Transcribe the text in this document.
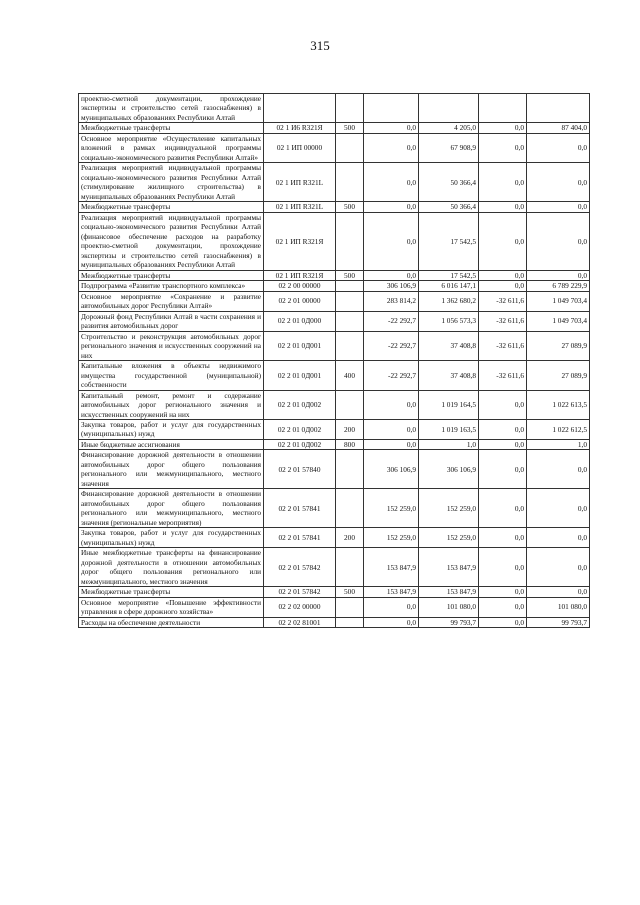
315
проектно-сметной документации, прохождение экспертизы и строительство сетей газоснабжения) в муниципальных образованиях Республики Алтай						
Межбюджетные трансферты	02 1 И6 R321Я	500	0,0	4 205,0	0,0	87 404,0
Основное мероприятие «Осуществление капитальных вложений в рамках индивидуальной программы социально-экономического развития Республики Алтай»	02 1 ИП 00000		0,0	67 908,9	0,0	0,0
Реализация мероприятий индивидуальной программы социально-экономического развития Республики Алтай (стимулирование жилищного строительства) в муниципальных образованиях Республики Алтай	02 1 ИП R321L		0,0	50 366,4	0,0	0,0
Межбюджетные трансферты	02 1 ИП R321L	500	0,0	50 366,4	0,0	0,0
Реализация мероприятий индивидуальной программы социально-экономического развития Республики Алтай (финансовое обеспечение расходов на разработку проектно-сметной документации, прохождение экспертизы и строительство сетей газоснабжения) в муниципальных образованиях Республики Алтай	02 1 ИП R321Я		0,0	17 542,5	0,0	0,0
Межбюджетные трансферты	02 1 ИП R321Я	500	0,0	17 542,5	0,0	0,0
Подпрограмма «Развитие транспортного комплекса»	02 2 00 00000		306 106,9	6 016 147,1	0,0	6 789 229,9
Основное мероприятие «Сохранение и развитие автомобильных дорог Республики Алтай»	02 2 01 00000		283 814,2	1 362 680,2	-32 611,6	1 049 703,4
Дорожный фонд Республики Алтай в части сохранения и развития автомобильных дорог	02 2 01 0Д000		-22 292,7	1 056 573,3	-32 611,6	1 049 703,4
Строительство и реконструкция автомобильных дорог регионального значения и искусственных сооружений на них	02 2 01 0Д001		-22 292,7	37 408,8	-32 611,6	27 089,9
Капитальные вложения в объекты недвижимого имущества государственной (муниципальной) собственности	02 2 01 0Д001	400	-22 292,7	37 408,8	-32 611,6	27 089,9
Капитальный ремонт, ремонт и содержание автомобильных дорог регионального значения и искусственных сооружений на них	02 2 01 0Д002		0,0	1 019 164,5	0,0	1 022 613,5
Закупка товаров, работ и услуг для государственных (муниципальных) нужд	02 2 01 0Д002	200	0,0	1 019 163,5	0,0	1 022 612,5
Иные бюджетные ассигнования	02 2 01 0Д002	800	0,0	1,0	0,0	1,0
Финансирование дорожной деятельности в отношении автомобильных дорог общего пользования регионального или межмуниципального, местного значения	02 2 01 57840		306 106,9	306 106,9	0,0	0,0
Финансирование дорожной деятельности в отношении автомобильных дорог общего пользования регионального или межмуниципального, местного значения (региональные мероприятия)	02 2 01 57841		152 259,0	152 259,0	0,0	0,0
Закупка товаров, работ и услуг для государственных (муниципальных) нужд	02 2 01 57841	200	152 259,0	152 259,0	0,0	0,0
Иные межбюджетные трансферты на финансирование дорожной деятельности в отношении автомобильных дорог общего пользования регионального или межмуниципального, местного значения	02 2 01 57842		153 847,9	153 847,9	0,0	0,0
Межбюджетные трансферты	02 2 01 57842	500	153 847,9	153 847,9	0,0	0,0
Основное мероприятие «Повышение эффективности управления в сфере дорожного хозяйства»	02 2 02 00000		0,0	101 080,0	0,0	101 080,0
Расходы на обеспечение деятельности	02 2 02 81001		0,0	99 793,7	0,0	99 793,7
